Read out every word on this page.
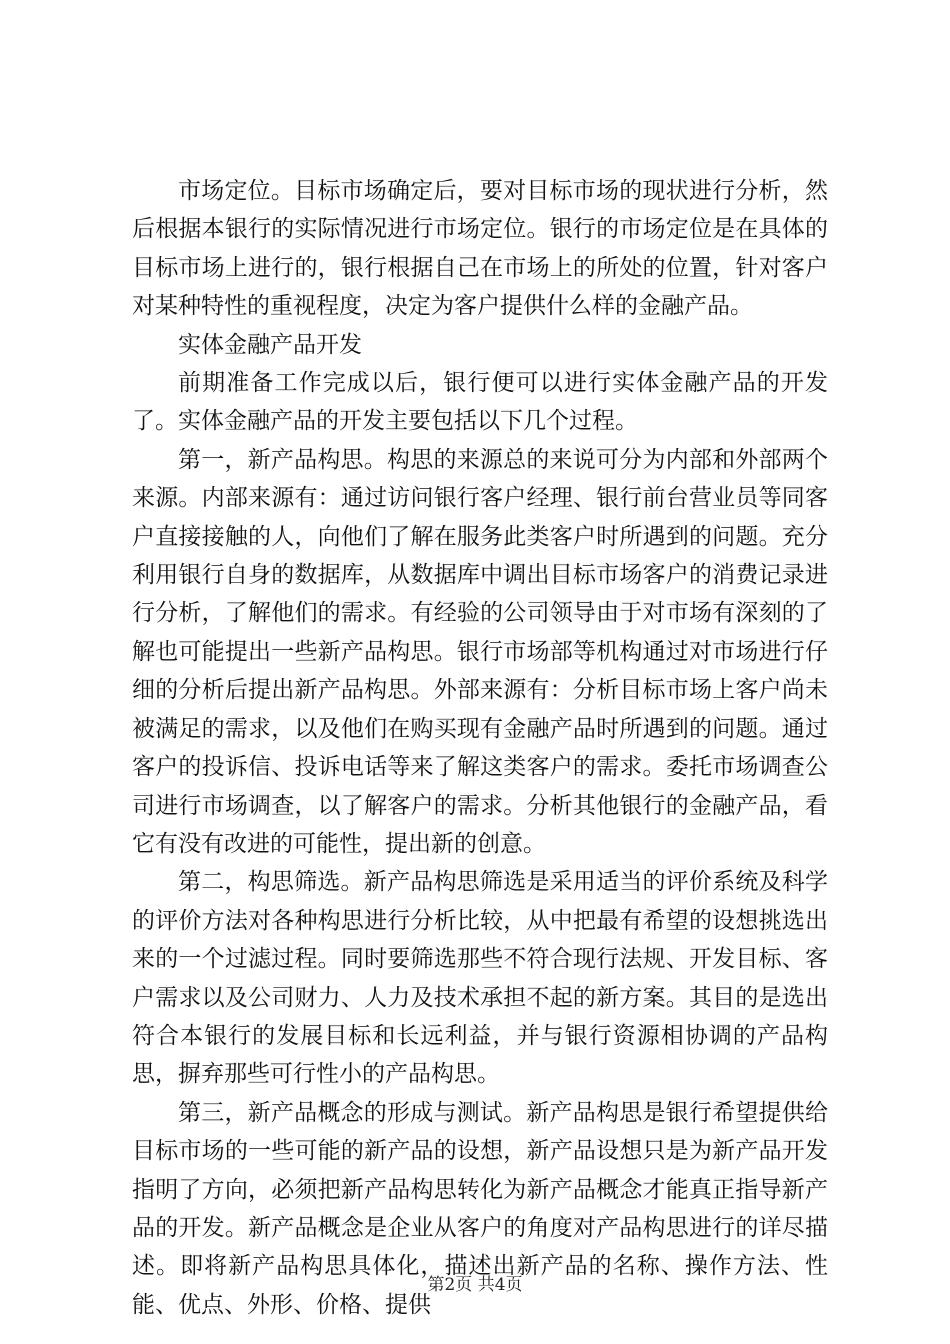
市场定位。目标市场确定后，要对目标市场的现状进行分析，然后根据本银行的实际情况进行市场定位。银行的市场定位是在具体的目标市场上进行的，银行根据自己在市场上的所处的位置，针对客户对某种特性的重视程度，决定为客户提供什么样的金融产品。

实体金融产品开发

前期准备工作完成以后，银行便可以进行实体金融产品的开发了。实体金融产品的开发主要包括以下几个过程。

第一，新产品构思。构思的来源总的来说可分为内部和外部两个来源。内部来源有：通过访问银行客户经理、银行前台营业员等同客户直接接触的人，向他们了解在服务此类客户时所遇到的问题。充分利用银行自身的数据库，从数据库中调出目标市场客户的消费记录进行分析，了解他们的需求。有经验的公司领导由于对市场有深刻的了解也可能提出一些新产品构思。银行市场部等机构通过对市场进行仔细的分析后提出新产品构思。外部来源有：分析目标市场上客户尚未被满足的需求，以及他们在购买现有金融产品时所遇到的问题。通过客户的投诉信、投诉电话等来了解这类客户的需求。委托市场调查公司进行市场调查，以了解客户的需求。分析其他银行的金融产品，看它有没有改进的可能性，提出新的创意。

第二，构思筛选。新产品构思筛选是采用适当的评价系统及科学的评价方法对各种构思进行分析比较，从中把最有希望的设想挑选出来的一个过滤过程。同时要筛选那些不符合现行法规、开发目标、客户需求以及公司财力、人力及技术承担不起的新方案。其目的是选出符合本银行的发展目标和长远利益，并与银行资源相协调的产品构思，摒弃那些可行性小的产品构思。

第三，新产品概念的形成与测试。新产品构思是银行希望提供给目标市场的一些可能的新产品的设想，新产品设想只是为新产品开发指明了方向，必须把新产品构思转化为新产品概念才能真正指导新产品的开发。新产品概念是企业从客户的角度对产品构思进行的详尽描述。即将新产品构思具体化，描述出新产品的名称、操作方法、性能、优点、外形、价格、提供

第2页 共4页
